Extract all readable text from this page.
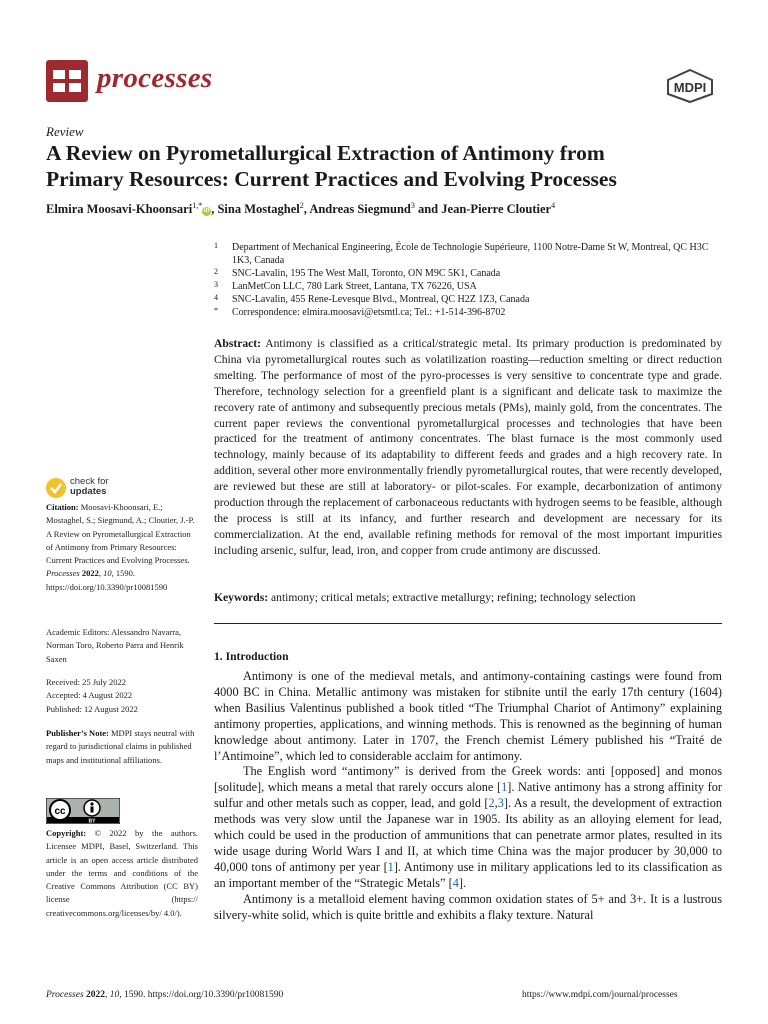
processes	MDPI
Review
A Review on Pyrometallurgical Extraction of Antimony from
Primary Resources: Current Practices and Evolving Processes
Elmira Moosavi-Khoonsari$^{1,*}$iD , Sina Mostaghel$^2$, Andreas Siegmund$^3$ and Jean-Pierre Cloutier$^4$
1 Department of Mechanical Engineering, École de Technologie Supérieure, 1100 Notre-Dame St W, Montreal, QC H3C 1K3, Canada
2 SNC-Lavalin, 195 The West Mall, Toronto, ON M9C 5K1, Canada
3 LanMetCon LLC, 780 Lark Street, Lantana, TX 76226, USA
4 SNC-Lavalin, 455 Rene-Levesque Blvd., Montreal, QC H2Z 1Z3, Canada
* Correspondence: elmira.moosavi@etsmtl.ca; Tel.: +1-514-396-8702
Abstract: Antimony is classified as a critical/strategic metal. Its primary production is predominated by China via pyrometallurgical routes such as volatilization roasting—reduction smelting or direct reduction smelting. The performance of most of the pyro-processes is very sensitive to concentrate type and grade. Therefore, technology selection for a greenfield plant is a significant and delicate task to maximize the recovery rate of antimony and subsequently precious metals (PMs), mainly gold, from the concentrates. The current paper reviews the conventional pyrometallurgical processes and technologies that have been practiced for the treatment of antimony concentrates. The blast furnace is the most commonly used technology, mainly because of its adaptability to different feeds and grades and a high recovery rate. In addition, several other more environmentally friendly pyrometallurgical routes, that were recently developed, are reviewed but these are still at laboratory- or pilot-scales. For example, decarbonization of antimony production through the replacement of carbonaceous reductants with hydrogen seems to be feasible, although the process is still at its infancy, and further research and development are necessary for its commercialization. At the end, available refining methods for removal of the most important impurities including arsenic, sulfur, lead, iron, and copper from crude antimony are discussed.
Keywords: antimony; critical metals; extractive metallurgy; refining; technology selection
check for
updates
Citation: Moosavi-Khoonsari, E.; Mostaghel, S.; Siegmund, A.; Cloutier, J.-P. A Review on Pyrometallurgical Extraction of Antimony from Primary Resources: Current Practices and Evolving Processes. Processes 2022, 10, 1590. https://doi.org/10.3390/pr10081590
Academic Editors: Alessandro Navarra, Norman Toro, Roberto Parra and Henrik Saxen
Received: 25 July 2022
Accepted: 4 August 2022
Published: 12 August 2022
Publisher’s Note: MDPI stays neutral with regard to jurisdictional claims in published maps and institutional affiliations.
cc
BY
Copyright: © 2022 by the authors. Licensee MDPI, Basel, Switzerland. This article is an open access article distributed under the terms and conditions of the Creative Commons Attribution (CC BY) license (https:// creativecommons.org/licenses/by/ 4.0/).
1. Introduction

Antimony is one of the medieval metals, and antimony-containing castings were found from 4000 BC in China. Metallic antimony was mistaken for stibnite until the early 17th century (1604) when Basilius Valentinus published a book titled “The Triumphal Chariot of Antimony” explaining antimony properties, applications, and winning methods. This is renowned as the beginning of human knowledge about antimony. Later in 1707, the French chemist Lémery published his “Traité de l’Antimoine”, which led to considerable acclaim for antimony.

The English word “antimony” is derived from the Greek words: anti [opposed] and monos [solitude], which means a metal that rarely occurs alone [1]. Native antimony has a strong affinity for sulfur and other metals such as copper, lead, and gold [2,3]. As a result, the development of extraction methods was very slow until the Japanese war in 1905. Its ability as an alloying element for lead, which could be used in the production of ammunitions that can penetrate armor plates, resulted in its wide usage during World Wars I and II, at which time China was the major producer by 30,000 to 40,000 tons of antimony per year [1]. Antimony use in military applications led to its classification as an important member of the “Strategic Metals” [4].

Antimony is a metalloid element having common oxidation states of 5+ and 3+. It is a lustrous silvery-white solid, which is quite brittle and exhibits a flaky texture. Natural

Processes 2022, 10, 1590. https://doi.org/10.3390/pr10081590	https://www.mdpi.com/journal/processes
